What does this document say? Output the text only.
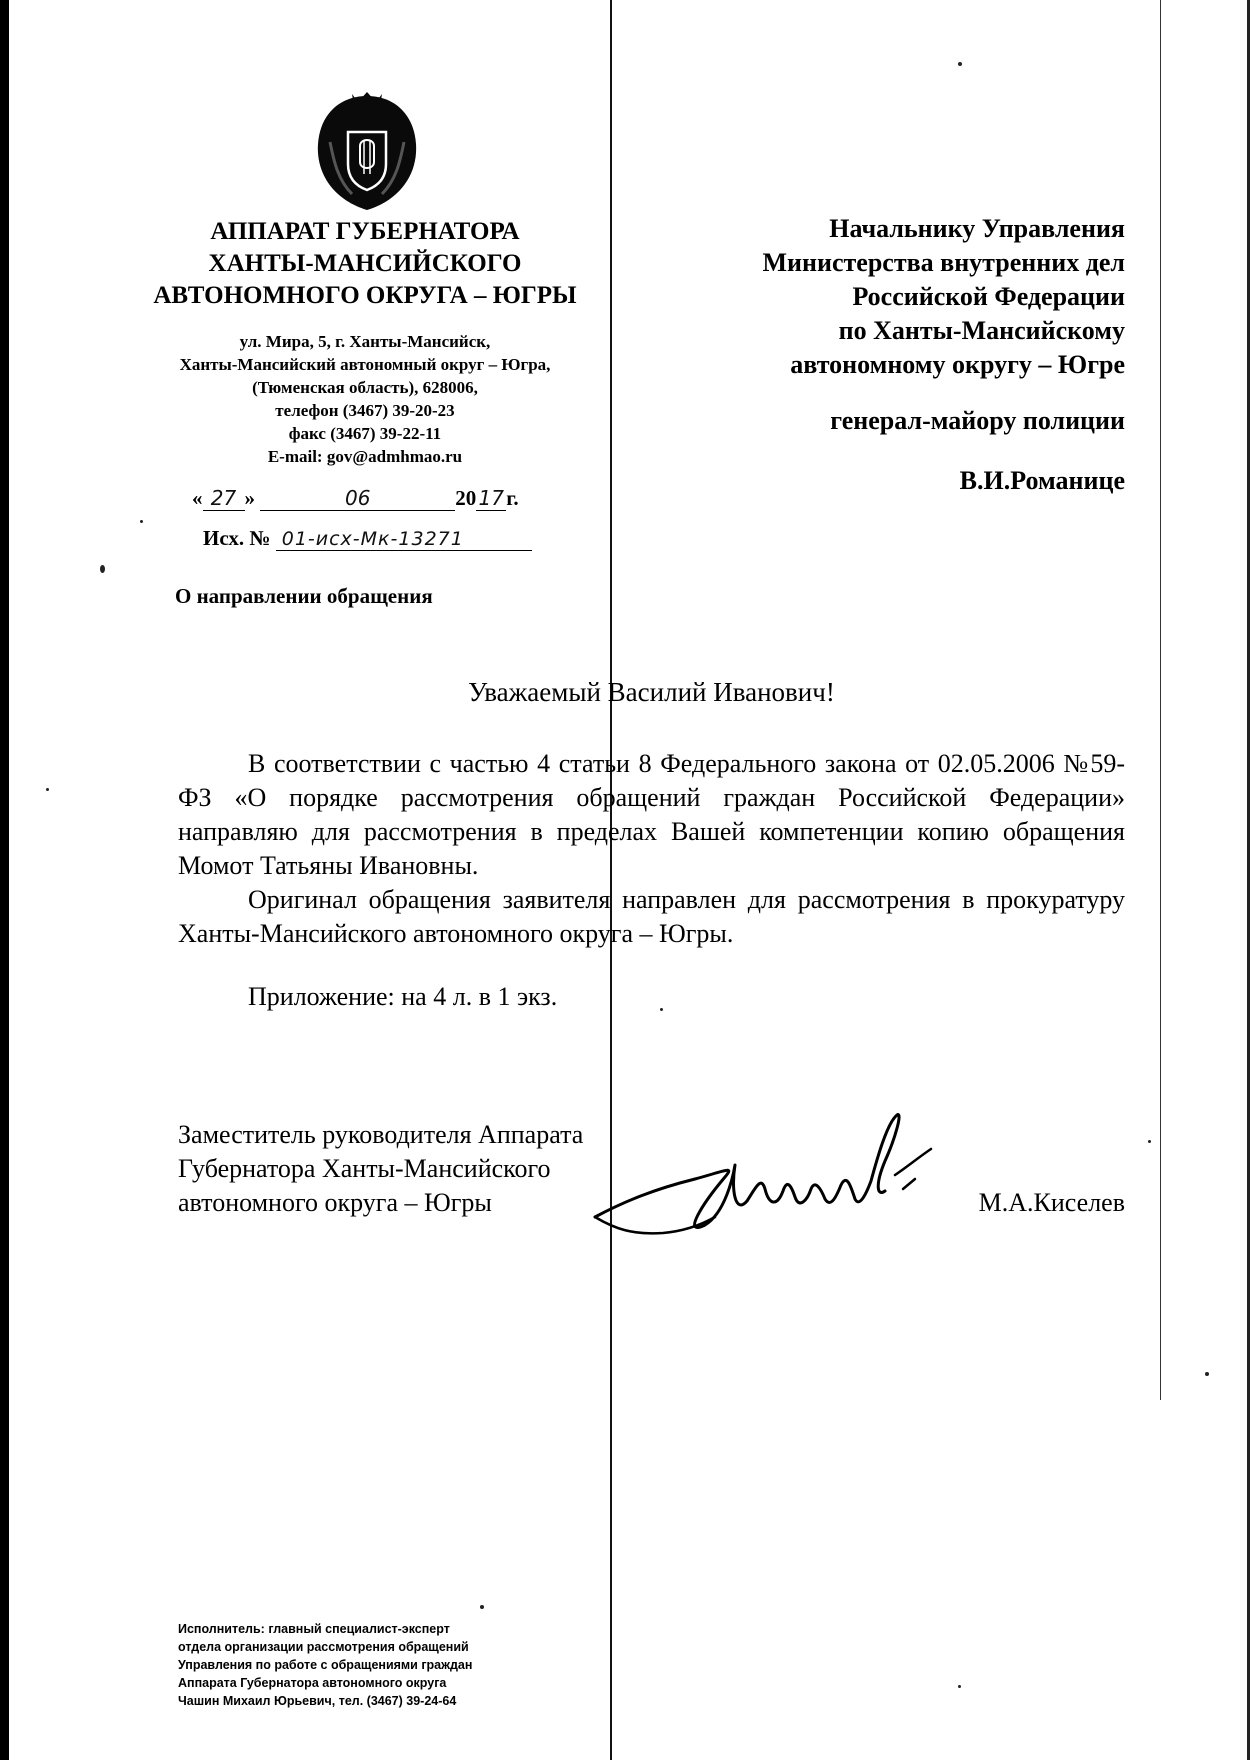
АППАРАТ ГУБЕРНАТОРА

ХАНТЫ-МАНСИЙСКОГО

АВТОНОМНОГО ОКРУГА – ЮГРЫ

ул. Мира, 5, г. Ханты-Мансийск,
Ханты-Мансийский автономный округ – Югра,
(Тюменская область), 628006,
телефон (3467) 39-20-23
факс (3467) 39-22-11
E-mail: gov@admhmao.ru
« 27 »	06	20 17 г.
Исх. № 01-исх-Мк-13271
О направлении обращения
Начальнику Управления
Министерства внутренних дел
Российской Федерации
по Ханты-Мансийскому
автономному округу – Югре
генерал-майору полиции
В.И.Романице
Уважаемый Василий Иванович!

В соответствии с частью 4 статьи 8 Федерального закона от 02.05.2006 №59-ФЗ «О порядке рассмотрения обращений граждан Российской Федерации» направляю для рассмотрения в пределах Вашей компетенции копию обращения Момот Татьяны Ивановны.

Оригинал обращения заявителя направлен для рассмотрения в прокуратуру Ханты-Мансийского автономного округа – Югры.

Приложение: на 4 л. в 1 экз.
Заместитель руководителя Аппарата
Губернатора Ханты-Мансийского
автономного округа – Югры	М.А.Киселев
Исполнитель: главный специалист-эксперт
отдела организации рассмотрения обращений
Управления по работе с обращениями граждан
Аппарата Губернатора автономного округа
Чашин Михаил Юрьевич, тел. (3467) 39-24-64
